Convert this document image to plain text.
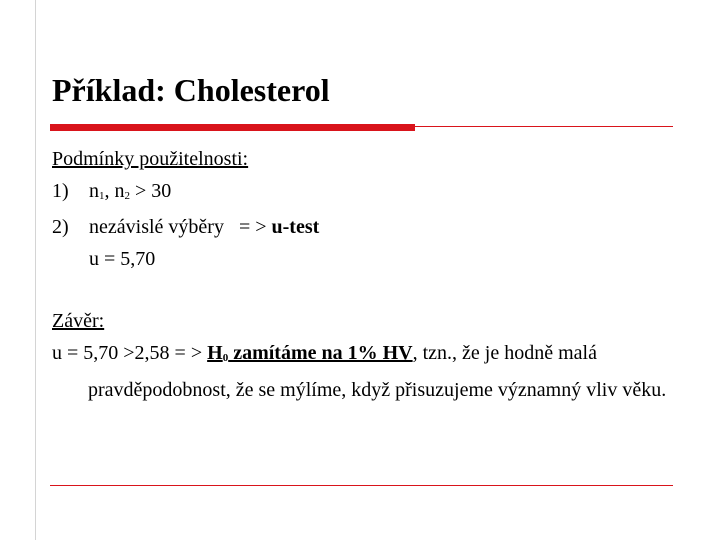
Příklad: Cholesterol
Podmínky použitelnosti:
1) n1, n2 > 30
2) nezávislé výběry   = > u-test
u = 5,70
Závěr:
u = 5,70 >2,58 = > H0 zamítáme na 1% HV, tzn., že je hodně malá pravděpodobnost, že se mýlíme, když přisuzujeme významný vliv věku.
